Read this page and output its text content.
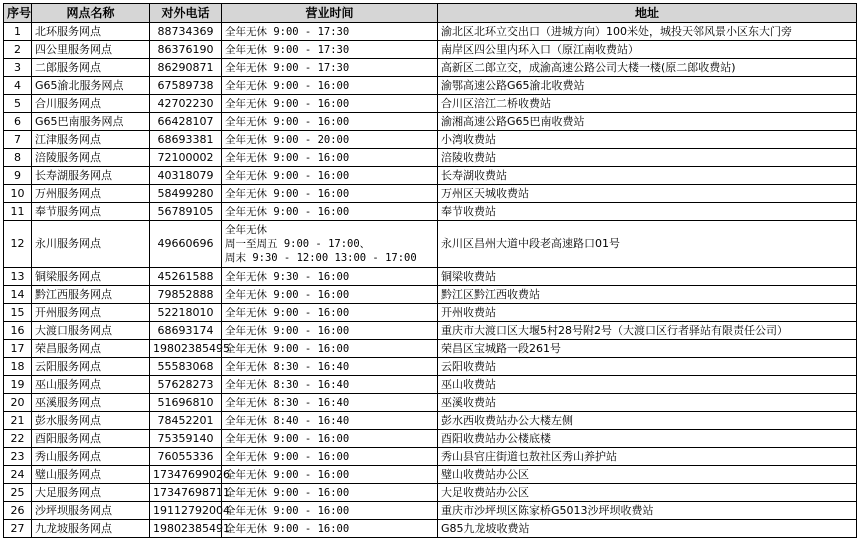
序号	网点名称	对外电话	营业时间	地址
1	北环服务网点	88734369	全年无休 9:00 - 17:30	渝北区北环立交出口（进城方向）100米处，城投天邻风景小区东大门旁
2	四公里服务网点	86376190	全年无休 9:00 - 17:30	南岸区四公里内环入口（原江南收费站）
3	二郎服务网点	86290871	全年无休 9:00 - 17:30	高新区二郎立交，成渝高速公路公司大楼一楼(原二郎收费站)
4	G65渝北服务网点	67589738	全年无休 9:00 - 16:00	渝鄂高速公路G65渝北收费站
5	合川服务网点	42702230	全年无休 9:00 - 16:00	合川区涪江二桥收费站
6	G65巴南服务网点	66428107	全年无休 9:00 - 16:00	渝湘高速公路G65巴南收费站
7	江津服务网点	68693381	全年无休 9:00 - 20:00	小湾收费站
8	涪陵服务网点	72100002	全年无休 9:00 - 16:00	涪陵收费站
9	长寿湖服务网点	40318079	全年无休 9:00 - 16:00	长寿湖收费站
10	万州服务网点	58499280	全年无休 9:00 - 16:00	万州区天城收费站
11	奉节服务网点	56789105	全年无休 9:00 - 16:00	奉节收费站
12	永川服务网点	49660696	全年无休
周一至周五 9:00 - 17:00、
周末 9:30 - 12:00 13:00 - 17:00	永川区昌州大道中段老高速路口01号
13	铜梁服务网点	45261588	全年无休 9:30 - 16:00	铜梁收费站
14	黔江西服务网点	79852888	全年无休 9:00 - 16:00	黔江区黔江西收费站
15	开州服务网点	52218010	全年无休 9:00 - 16:00	开州收费站
16	大渡口服务网点	68693174	全年无休 9:00 - 16:00	重庆市大渡口区大堰5村28号附2号（大渡口区行者驿站有限责任公司）
17	荣昌服务网点	19802385495	全年无休 9:00 - 16:00	荣昌区宝城路一段261号
18	云阳服务网点	55583068	全年无休 8:30 - 16:40	云阳收费站
19	巫山服务网点	57628273	全年无休 8:30 - 16:40	巫山收费站
20	巫溪服务网点	51696810	全年无休 8:30 - 16:40	巫溪收费站
21	彭水服务网点	78452201	全年无休 8:40 - 16:40	彭水西收费站办公大楼左侧
22	酉阳服务网点	75359140	全年无休 9:00 - 16:00	酉阳收费站办公楼底楼
23	秀山服务网点	76055336	全年无休 9:00 - 16:00	秀山县官庄街道乜敖社区秀山养护站
24	璧山服务网点	17347699026	全年无休 9:00 - 16:00	璧山收费站办公区
25	大足服务网点	17347698711	全年无休 9:00 - 16:00	大足收费站办公区
26	沙坪坝服务网点	19112792004	全年无休 9:00 - 16:00	重庆市沙坪坝区陈家桥G5013沙坪坝收费站
27	九龙坡服务网点	19802385491	全年无休 9:00 - 16:00	G85九龙坡收费站
